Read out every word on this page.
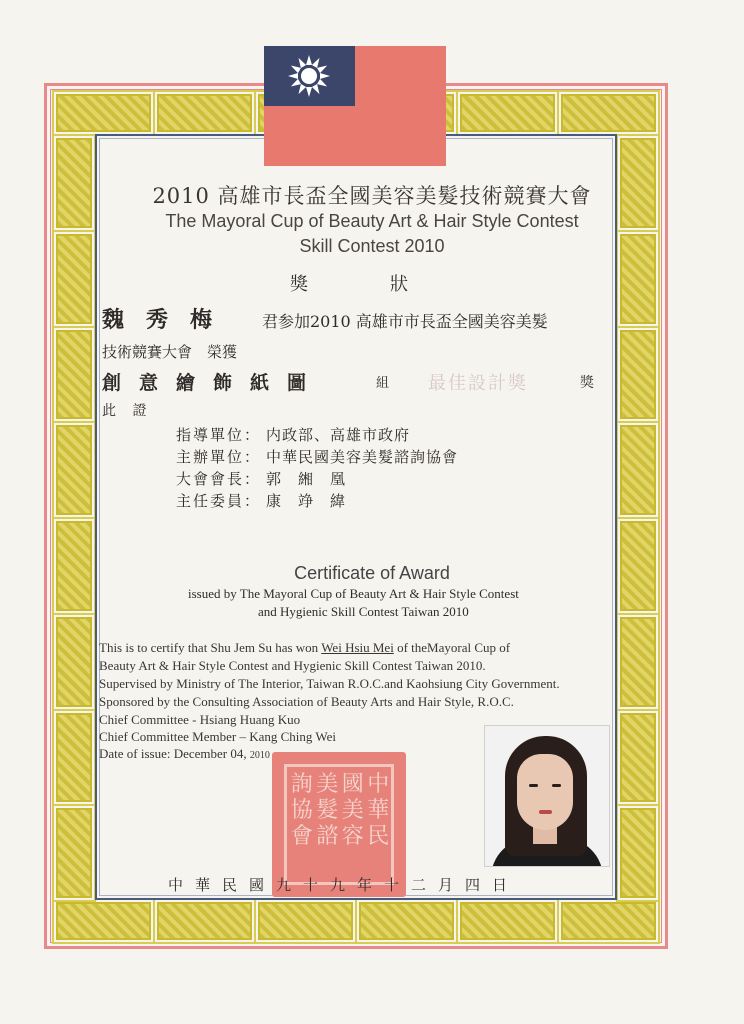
2010 高雄市長盃全國美容美髮技術競賽大會
The Mayoral Cup of Beauty Art & Hair Style Contest
Skill Contest 2010
獎	狀
魏秀梅 君参加2010 高雄市市長盃全國美容美髮
技術競賽大會　榮獲
創意繪飾紙圖	組 最佳設計獎	獎
此 證
指導單位： 内政部、高雄市政府
主辦單位： 中華民國美容美髮諮詢協會
大會會長： 郭　緗　凰
主任委員： 康　竫　緯
Certificate of Award
issued by The Mayoral Cup of Beauty Art & Hair Style Contest
and Hygienic Skill Contest Taiwan 2010
This is to certify that Shu Jem Su has won Wei Hsiu Mei of theMayoral Cup of
Beauty Art & Hair Style Contest and Hygienic Skill Contest Taiwan 2010.
Supervised by Ministry of The Interior, Taiwan R.O.C.and Kaohsiung City Government.
Sponsored by the Consulting Association of Beauty Arts and Hair Style, R.O.C.
Chief Committee - Hsiang Huang Kuo
Chief Committee Member – Kang Ching Wei
Date of issue: December 04, 2010
中
華
民
國
美
容
美
髮
諮
詢
協
會
中華民國九十九年十二月四日
